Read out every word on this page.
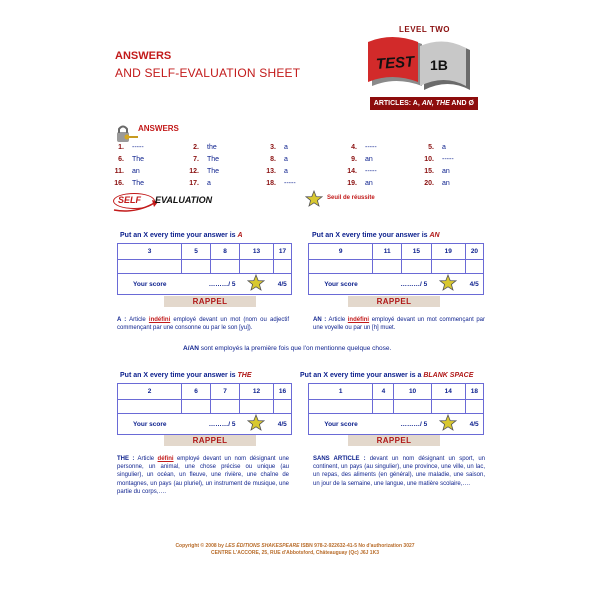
ANSWERS
AND SELF-EVALUATION SHEET
LEVEL TWO
TEST 1B
ARTICLES: A, AN, THE AND Ø
ANSWERS
1. -----	2. the	3. a	4. -----	5. a
6. The	7. The	8. a	9. an	10. -----
11. an	12. The	13. a	14. -----	15. an
16. The	17. a	18. -----	19. an	20. an
SELF EVALUATION	Seuil de réussite
Put an X every time your answer is A
3	5	8	13	17

Your score	………/ 5			4/5
RAPPEL
A : Article indéfini employé devant un mot (nom ou adjectif commençant par une consonne ou par le son [yu]).
Put an X every time your answer is AN
9	11	15	19	20

Your score	………/ 5			4/5
RAPPEL
AN : Article indéfini employé devant un mot commençant par une voyelle ou par un [h] muet.
A/AN sont employés la première fois que l'on mentionne quelque chose.
Put an X every time your answer is THE
2	6	7	12	16

Your score	………/ 5			4/5
RAPPEL
THE : Article défini employé devant un nom désignant une personne, un animal, une chose précise ou unique (au singulier), un océan, un fleuve, une rivière, une chaîne de montagnes, un pays (au pluriel), un instrument de musique, une partie du corps,….
Put an X every time your answer is a BLANK SPACE
1	4	10	14	18

Your score	………/ 5			4/5
RAPPEL
SANS ARTICLE : devant un nom désignant un sport, un continent, un pays (au singulier), une province, une ville, un lac, un repas, des aliments (en général), une maladie, une saison, un jour de la semaine, une langue, une matière scolaire,….
Copyright © 2008 by LES ÉDITIONS SHAKESPEARE ISBN 978-2-922632-41-5 No d'authorization 3027
CENTRE L'ACCORE, 25, RUE d'Abbotsford, Châteauguay (Qc) J6J 1K3
